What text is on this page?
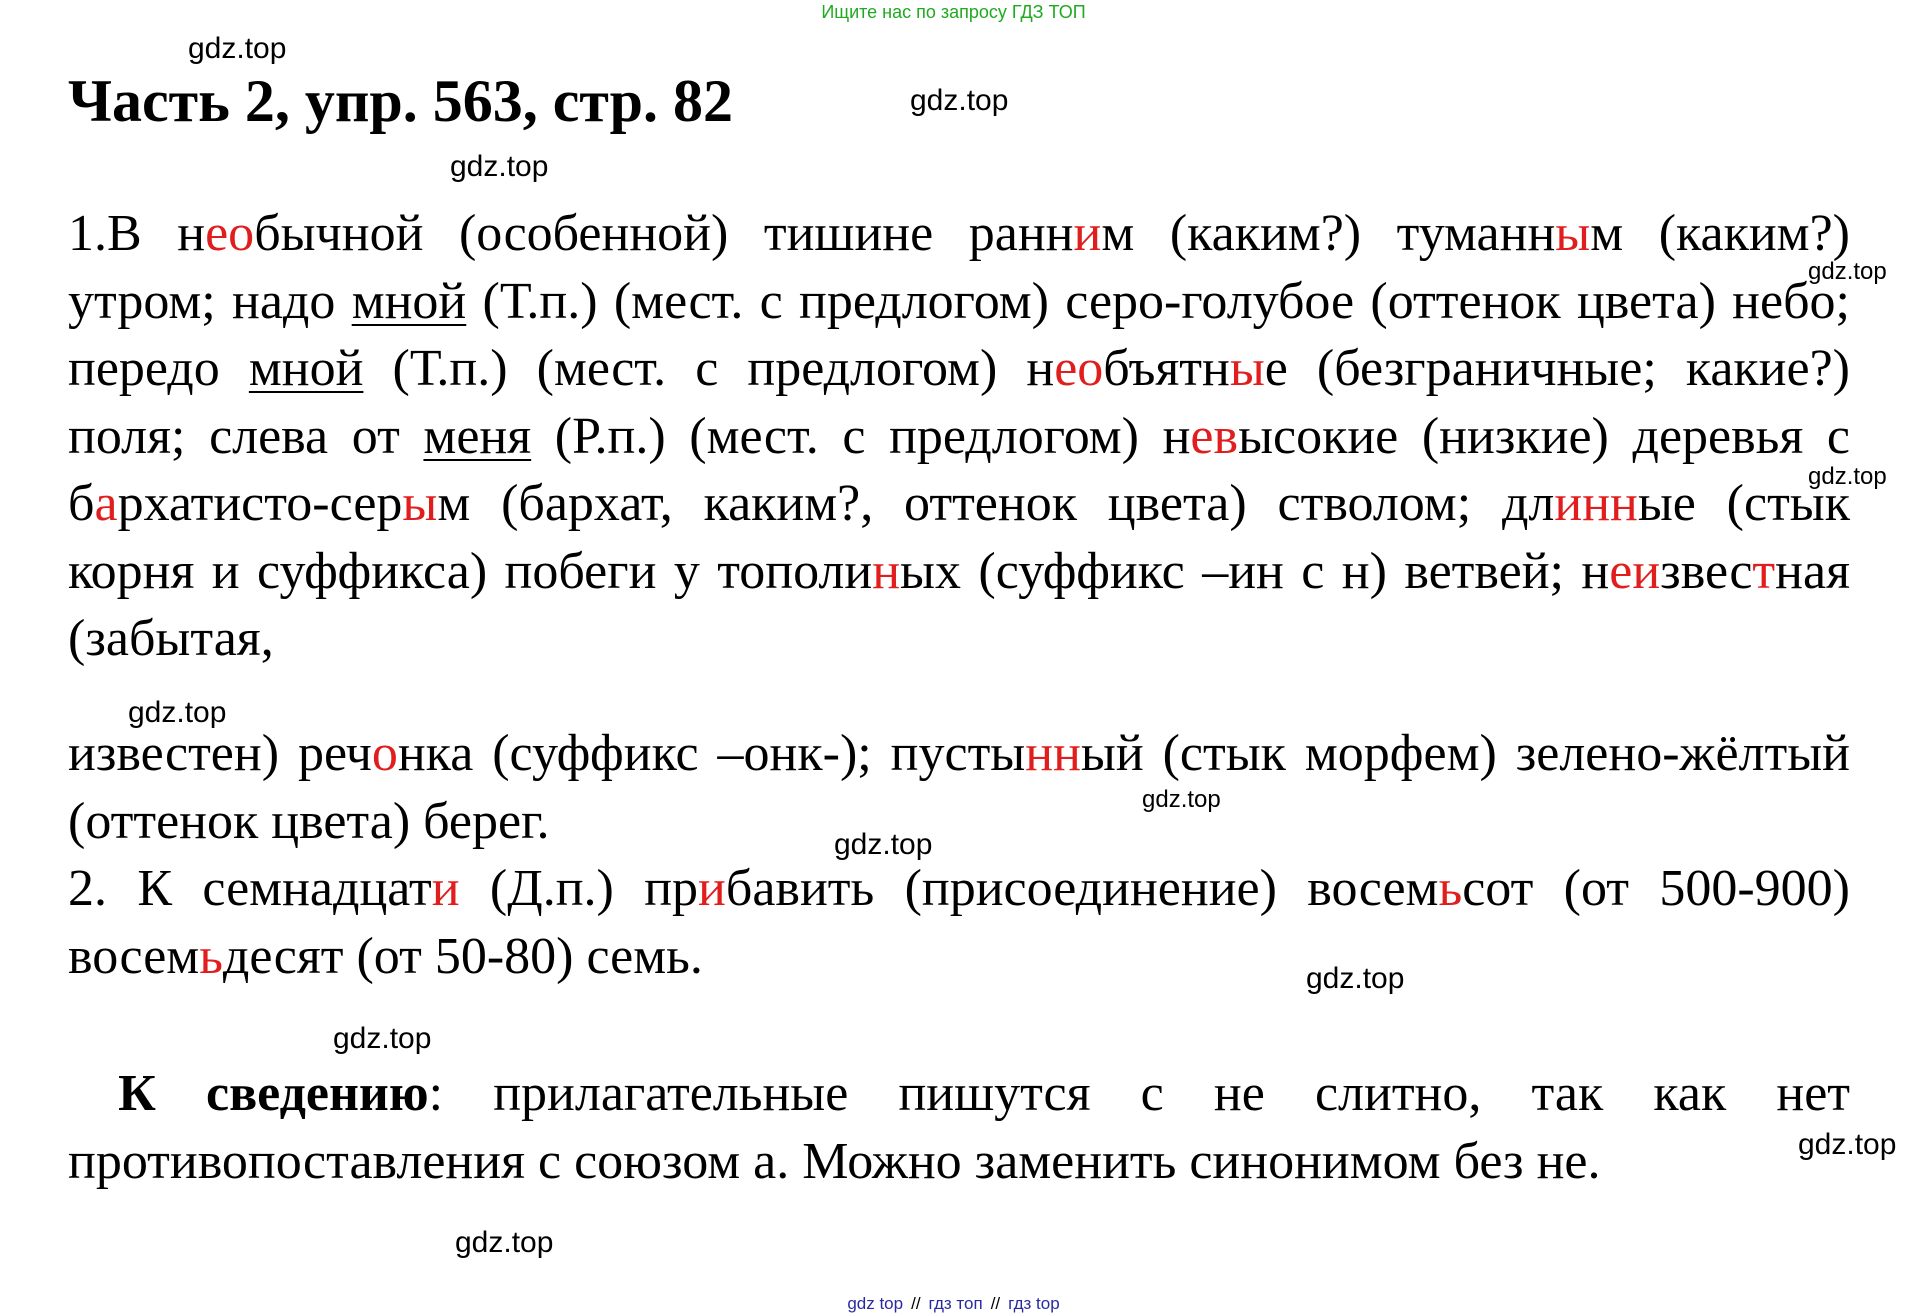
Ищите нас по запросу ГДЗ ТОП
Часть 2, упр. 563, стр. 82

1.В необычной (особенной) тишине ранним (каким?) туманным (каким?) утром; надо мной (Т.п.) (мест. с предлогом) серо-голубое (оттенок цвета) небо; передо мной (Т.п.) (мест. с предлогом) необъятные (безграничные; какие?) поля; слева от меня (Р.п.) (мест. с предлогом) невысокие (низкие) деревья с бархатисто-серым (бархат, каким?, оттенок цвета) стволом; длинные (стык корня и суффикса) побеги у тополиных (суффикс –ин с н) ветвей; неизвестная (забытая,

известен) речонка (суффикс –онк-); пустынный (стык морфем) зелено-жёлтый (оттенок цвета) берег.

2. К семнадцати (Д.п.) прибавить (присоединение) восемьсот (от 500-900) восемьдесят (от 50-80) семь.

К сведению: прилагательные пишутся с не слитно, так как нет противопоставления с союзом а. Можно заменить синонимом без не.

gdz.top
gdz.top
gdz.top
gdz.top
gdz.top
gdz.top
gdz.top
gdz.top
gdz.top
gdz.top
gdz.top
gdz.top
gdz top // гдз топ // гдз top
